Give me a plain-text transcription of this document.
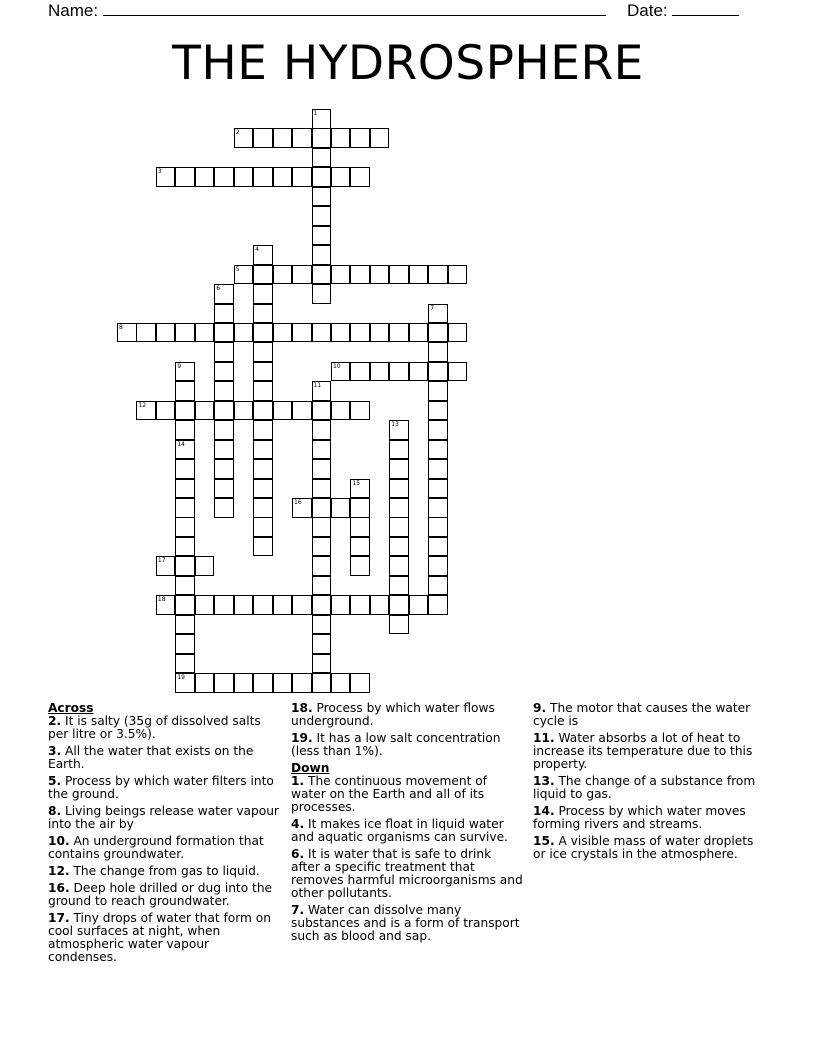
Name:	Date:
THE HYDROSPHERE
1
2
3
4
5
6
7
8
9
14
10
11
12
13
15
16
17
18
19
Across
2. It is salty (35g of dissolved salts per litre or 3.5%).
3. All the water that exists on the Earth.
5. Process by which water filters into the ground.
8. Living beings release water vapour into the air by
10. An underground formation that contains groundwater.
12. The change from gas to liquid.
16. Deep hole drilled or dug into the ground to reach groundwater.
17. Tiny drops of water that form on cool surfaces at night, when atmospheric water vapour condenses.
18. Process by which water flows underground.
19. It has a low salt concentration (less than 1%).
Down
1. The continuous movement of water on the Earth and all of its processes.
4. It makes ice float in liquid water and aquatic organisms can survive.
6. It is water that is safe to drink after a specific treatment that removes harmful microorganisms and other pollutants.
7. Water can dissolve many substances and is a form of transport such as blood and sap.
9. The motor that causes the water cycle is
11. Water absorbs a lot of heat to increase its temperature due to this property.
13. The change of a substance from liquid to gas.
14. Process by which water moves forming rivers and streams.
15. A visible mass of water droplets or ice crystals in the atmosphere.
